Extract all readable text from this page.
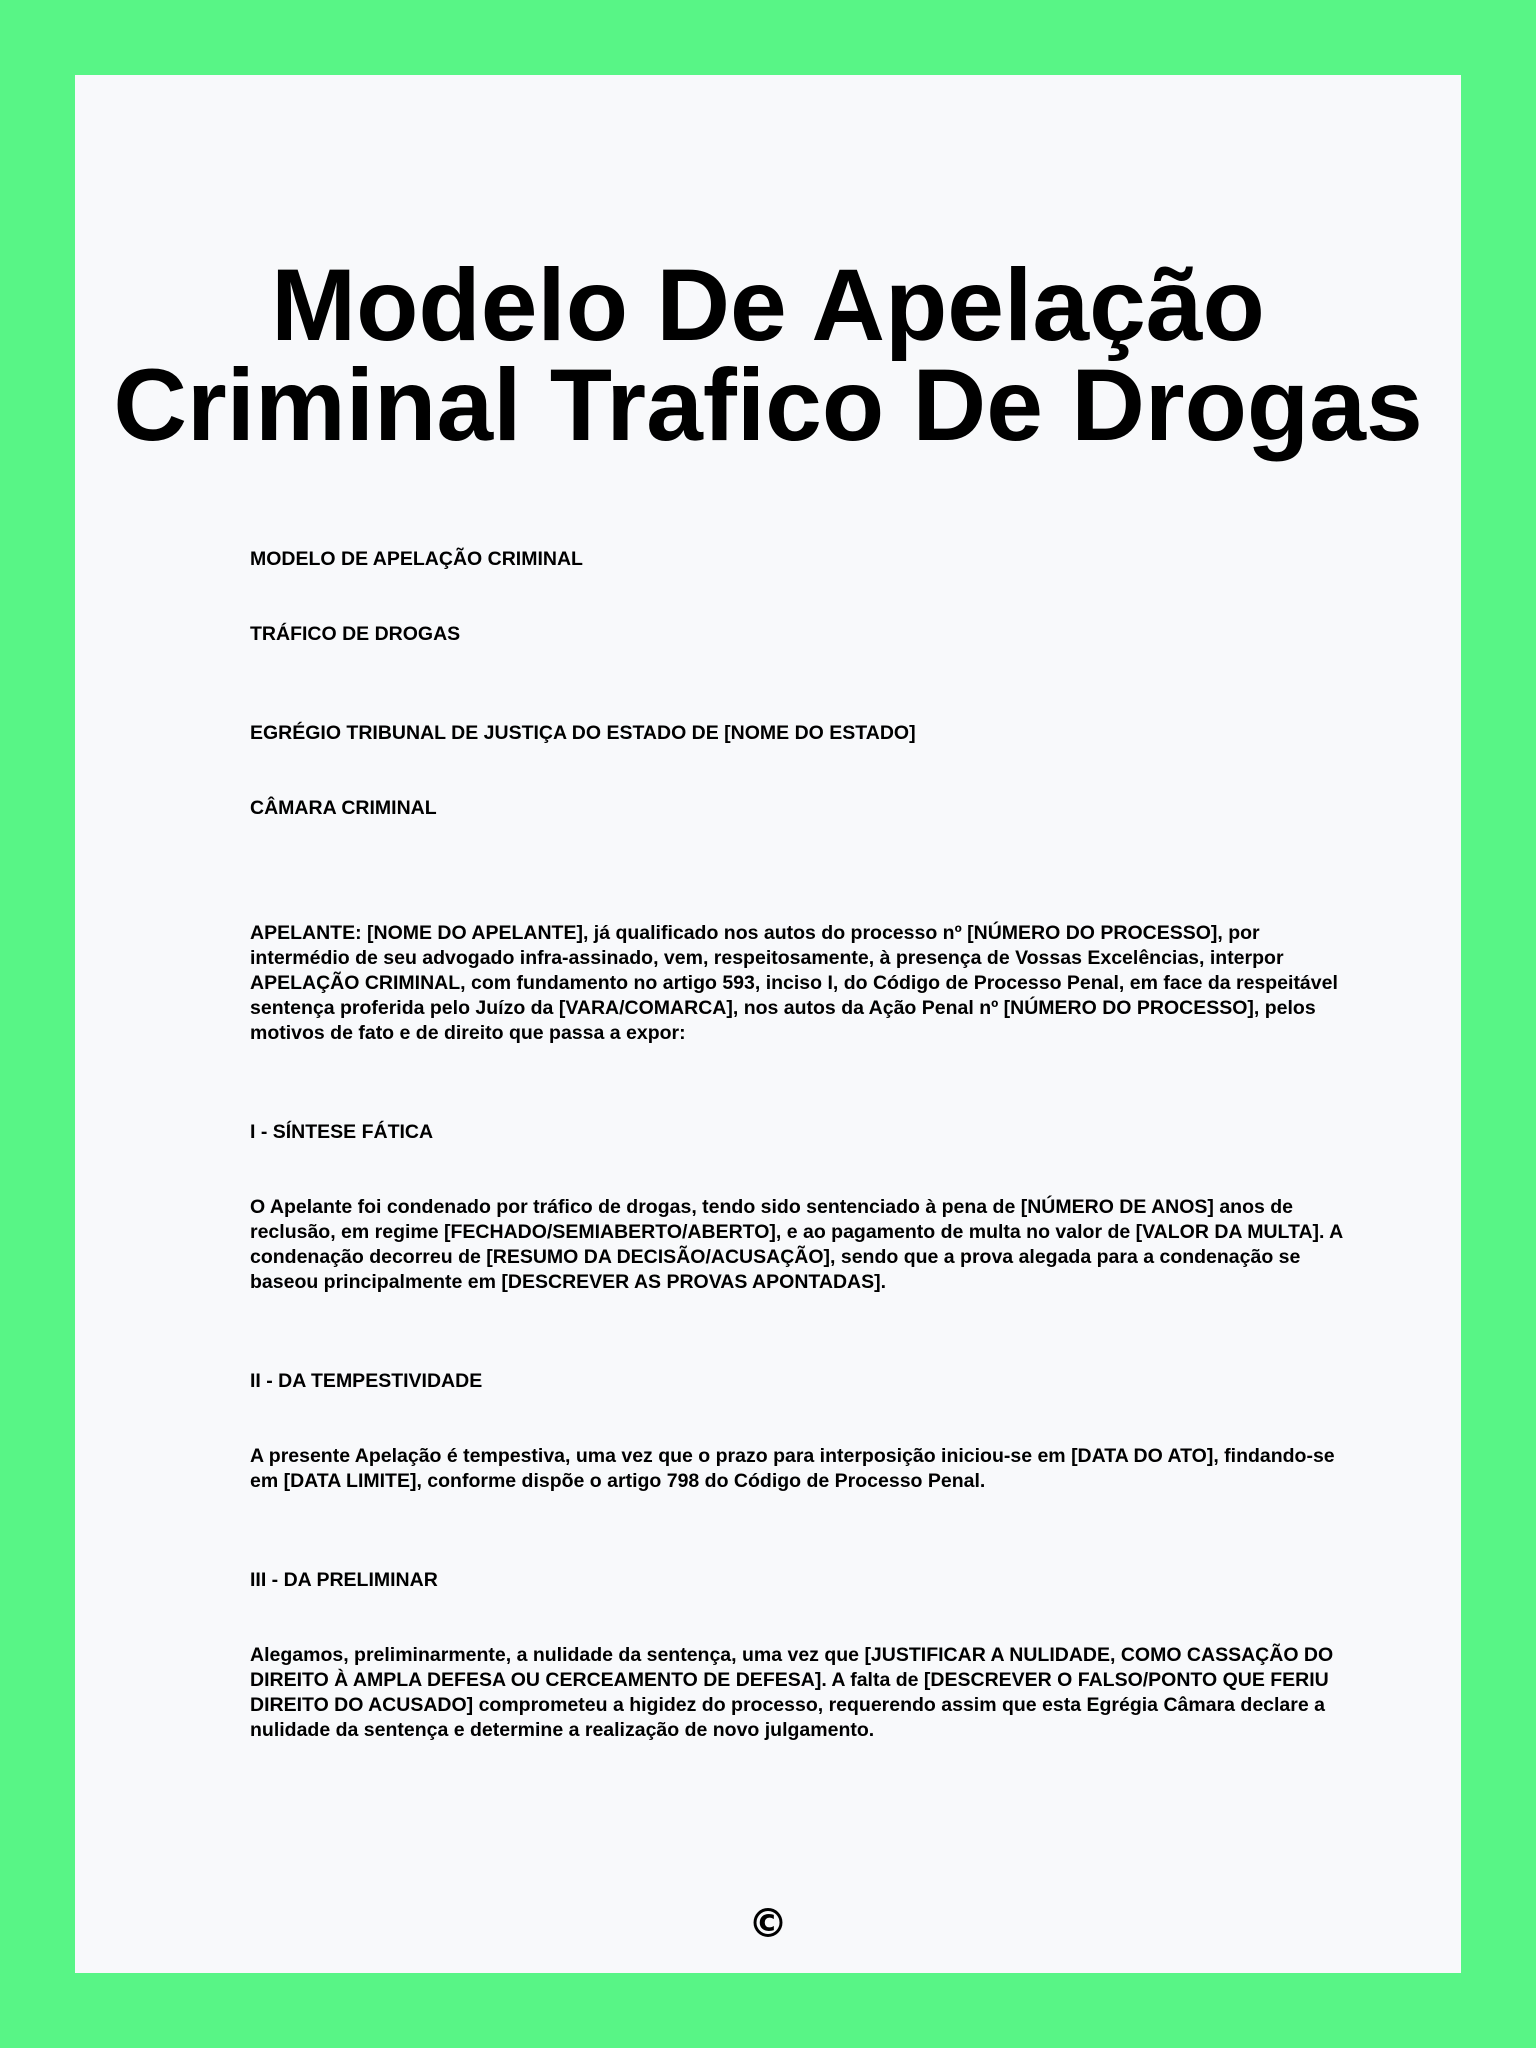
Modelo De Apelação
Criminal Trafico De Drogas

MODELO DE APELAÇÃO CRIMINAL

TRÁFICO DE DROGAS

EGRÉGIO TRIBUNAL DE JUSTIÇA DO ESTADO DE [NOME DO ESTADO]

CÂMARA CRIMINAL

APELANTE: [NOME DO APELANTE], já qualificado nos autos do processo nº [NÚMERO DO PROCESSO], por intermédio de seu advogado infra-assinado, vem, respeitosamente, à presença de Vossas Excelências, interpor APELAÇÃO CRIMINAL, com fundamento no artigo 593, inciso I, do Código de Processo Penal, em face da respeitável sentença proferida pelo Juízo da [VARA/COMARCA], nos autos da Ação Penal nº [NÚMERO DO PROCESSO], pelos motivos de fato e de direito que passa a expor:

I - SÍNTESE FÁTICA

O Apelante foi condenado por tráfico de drogas, tendo sido sentenciado à pena de [NÚMERO DE ANOS] anos de reclusão, em regime [FECHADO/SEMIABERTO/ABERTO], e ao pagamento de multa no valor de [VALOR DA MULTA]. A condenação decorreu de [RESUMO DA DECISÃO/ACUSAÇÃO], sendo que a prova alegada para a condenação se baseou principalmente em [DESCREVER AS PROVAS APONTADAS].

II - DA TEMPESTIVIDADE

A presente Apelação é tempestiva, uma vez que o prazo para interposição iniciou-se em [DATA DO ATO], findando-se em [DATA LIMITE], conforme dispõe o artigo 798 do Código de Processo Penal.

III - DA PRELIMINAR

Alegamos, preliminarmente, a nulidade da sentença, uma vez que [JUSTIFICAR A NULIDADE, COMO CASSAÇÃO DO DIREITO À AMPLA DEFESA OU CERCEAMENTO DE DEFESA]. A falta de [DESCREVER O FALSO/PONTO QUE FERIU DIREITO DO ACUSADO] comprometeu a higidez do processo, requerendo assim que esta Egrégia Câmara declare a nulidade da sentença e determine a realização de novo julgamento.

©
